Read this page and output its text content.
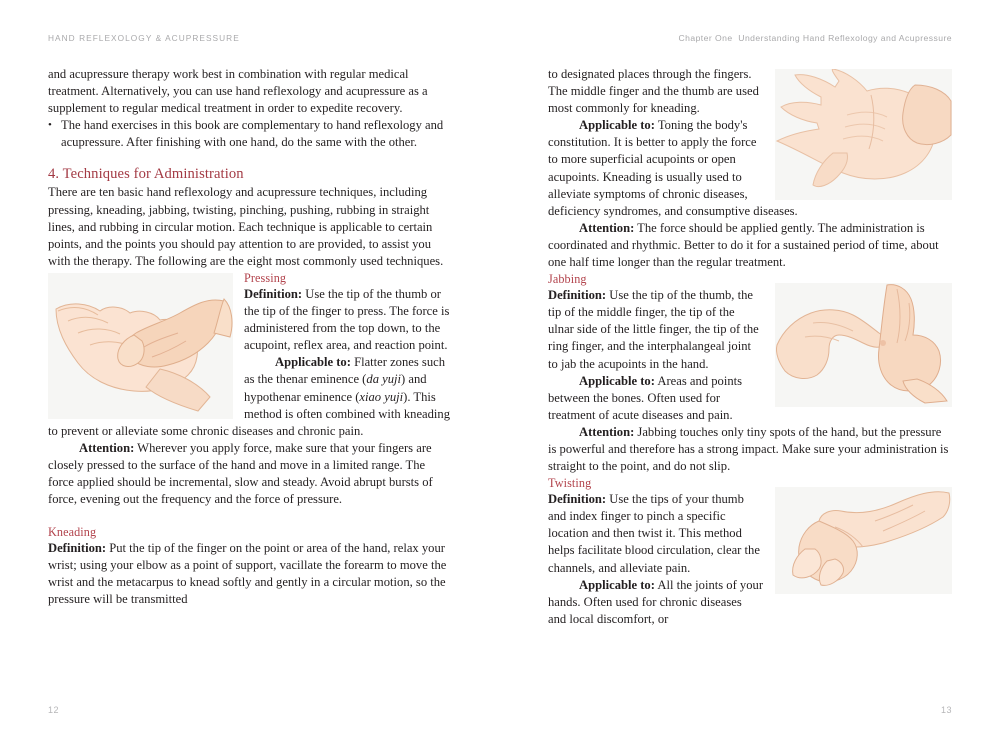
HAND REFLEXOLOGY & ACUPRESSURE

and acupressure therapy work best in combination with regular medical treatment. Alternatively, you can use hand reflexology and acupressure as a supplement to regular medical treatment in order to expedite recovery.

• The hand exercises in this book are complementary to hand reflexology and acupressure. After finishing with one hand, do the same with the other.

4. Techniques for Administration

There are ten basic hand reflexology and acupressure techniques, including pressing, kneading, jabbing, twisting, pinching, pushing, rubbing in straight lines, and rubbing in circular motion. Each technique is applicable to certain points, and the points you should pay attention to are provided, to assist you with the therapy. The following are the eight most commonly used techniques.

Pressing

Definition: Use the tip of the thumb or the tip of the finger to press. The force is administered from the top down, to the acupoint, reflex area, and reaction point.

Applicable to: Flatter zones such as the thenar eminence (da yuji) and hypothenar eminence (xiao yuji). This method is often combined with kneading to prevent or alleviate some chronic diseases and chronic pain.

Attention: Wherever you apply force, make sure that your fingers are closely pressed to the surface of the hand and move in a limited range. The force applied should be incremental, slow and steady. Avoid abrupt bursts of force, evening out the frequency and the force of pressure.

Kneading

Definition: Put the tip of the finger on the point or area of the hand, relax your wrist; using your elbow as a point of support, vacillate the forearm to move the wrist and the metacarpus to knead softly and gently in a circular motion, so the pressure will be transmitted

12
Chapter One Understanding Hand Reflexology and Acupressure

to designated places through the fingers. The middle finger and the thumb are used most commonly for kneading.

Applicable to: Toning the body's constitution. It is better to apply the force to more superficial acupoints or open acupoints. Kneading is usually used to alleviate symptoms of chronic diseases, deficiency syndromes, and consumptive diseases.

Attention: The force should be applied gently. The administration is coordinated and rhythmic. Better to do it for a sustained period of time, about one half time longer than the regular treatment.

Jabbing

Definition: Use the tip of the thumb, the tip of the middle finger, the tip of the ulnar side of the little finger, the tip of the ring finger, and the interphalangeal joint to jab the acupoints in the hand.

Applicable to: Areas and points between the bones. Often used for treatment of acute diseases and pain.

Attention: Jabbing touches only tiny spots of the hand, but the pressure is powerful and therefore has a strong impact. Make sure your administration is straight to the point, and do not slip.

Twisting

Definition: Use the tips of your thumb and index finger to pinch a specific location and then twist it. This method helps facilitate blood circulation, clear the channels, and alleviate pain.

Applicable to: All the joints of your hands. Often used for chronic diseases and local discomfort, or

13
